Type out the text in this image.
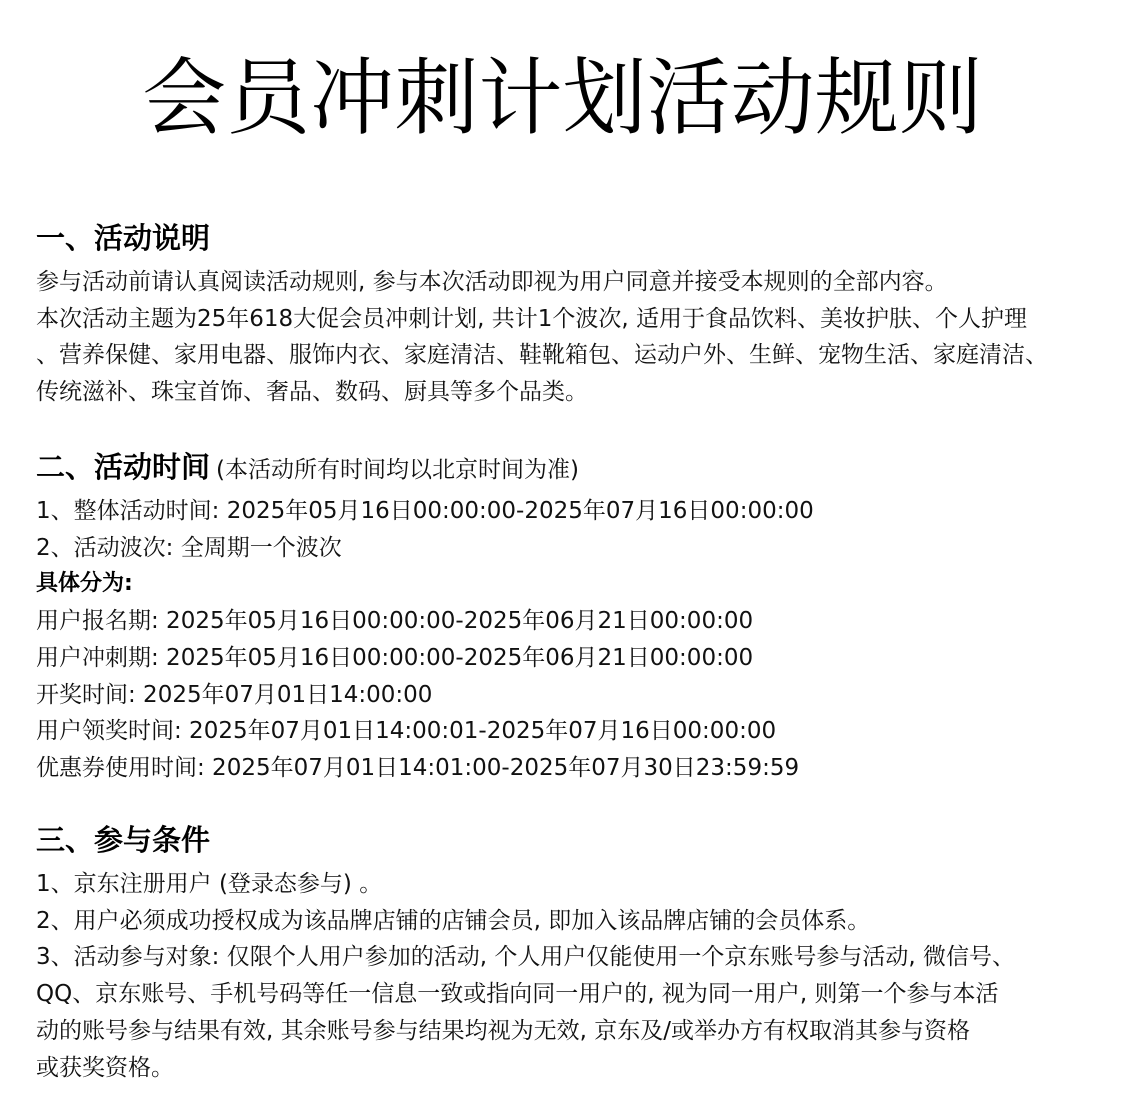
会员冲刺计划活动规则
一、活动说明
参与活动前请认真阅读活动规则, 参与本次活动即视为用户同意并接受本规则的全部内容。
本次活动主题为25年618大促会员冲刺计划, 共计1个波次, 适用于食品饮料、美妆护肤、个人护理
、营养保健、家用电器、服饰内衣、家庭清洁、鞋靴箱包、运动户外、生鲜、宠物生活、家庭清洁、
传统滋补、珠宝首饰、奢品、数码、厨具等多个品类。
二、活动时间 (本活动所有时间均以北京时间为准)
1、整体活动时间: 2025年05月16日00:00:00-2025年07月16日00:00:00
2、活动波次: 全周期一个波次
具体分为:
用户报名期: 2025年05月16日00:00:00-2025年06月21日00:00:00
用户冲刺期: 2025年05月16日00:00:00-2025年06月21日00:00:00
开奖时间: 2025年07月01日14:00:00
用户领奖时间: 2025年07月01日14:00:01-2025年07月16日00:00:00
优惠券使用时间: 2025年07月01日14:01:00-2025年07月30日23:59:59
三、参与条件
1、京东注册用户 (登录态参与) 。
2、用户必须成功授权成为该品牌店铺的店铺会员, 即加入该品牌店铺的会员体系。
3、活动参与对象: 仅限个人用户参加的活动, 个人用户仅能使用一个京东账号参与活动, 微信号、
QQ、京东账号、手机号码等任一信息一致或指向同一用户的, 视为同一用户, 则第一个参与本活
动的账号参与结果有效, 其余账号参与结果均视为无效, 京东及/或举办方有权取消其参与资格
或获奖资格。
